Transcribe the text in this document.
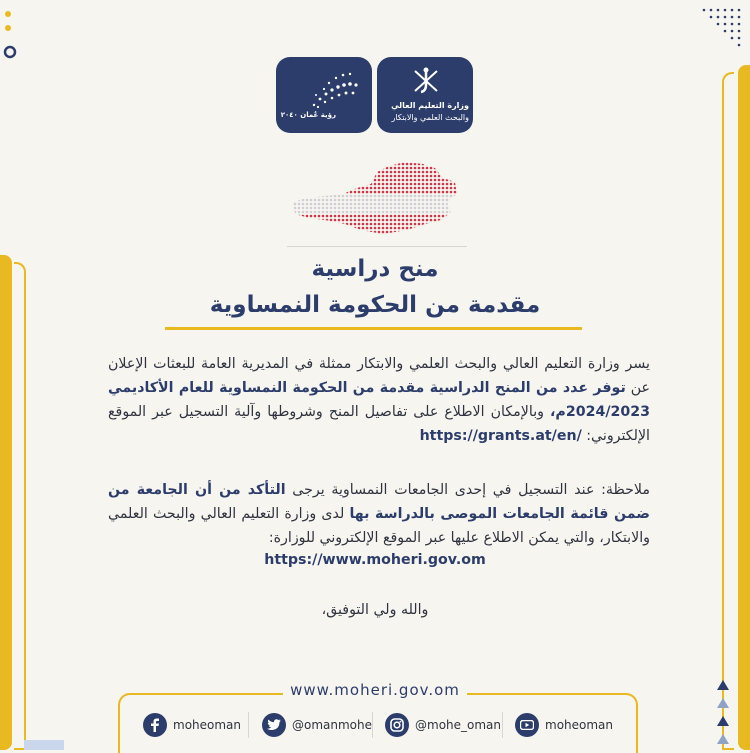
رؤية عُمان ٢٠٤٠
وزارة التعليم العالي
والبحث العلمي والابتكار
منح دراسية
مقدمة من الحكومة النمساوية
يسر وزارة التعليم العالي والبحث العلمي والابتكار ممثلة في المديرية العامة للبعثات الإعلان عن توفر عدد من المنح الدراسية مقدمة من الحكومة النمساوية للعام الأكاديمي 2024/2023م، وبالإمكان الاطلاع على تفاصيل المنح وشروطها وآلية التسجيل عبر الموقع الإلكتروني: https://grants.at/en/
ملاحظة: عند التسجيل في إحدى الجامعات النمساوية يرجى التأكد من أن الجامعة من ضمن قائمة الجامعات الموصى بالدراسة بها لدى وزارة التعليم العالي والبحث العلمي والابتكار، والتي يمكن الاطلاع عليها عبر الموقع الإلكتروني للوزارة:
https://www.moheri.gov.om
والله ولي التوفيق،
www.moheri.gov.om
moheoman	@omanmohe	@mohe_oman	moheoman
